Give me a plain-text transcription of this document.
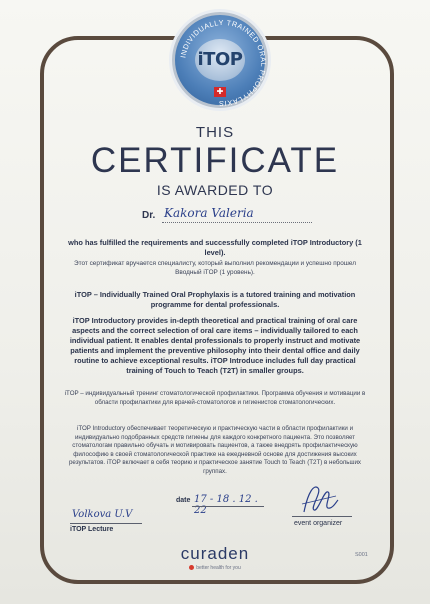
INDIVIDUALLY TRAINED ORAL PROPHYLAXIS
iTOP
✚
THIS
CERTIFICATE
IS AWARDED TO
Dr. Kakora Valeria
who has fulfilled the requirements and successfully completed iTOP Introductory (1 level).
Этот сертификат вручается специалисту, который выполнил рекомендации и успешно прошел Вводный iTOP (1 уровень).
iTOP – Individually Trained Oral Prophylaxis is a tutored training and motivation programme for dental professionals.
iTOP Introductory provides in-depth theoretical and practical training of oral care aspects and the correct selection of oral care items – individually tailored to each individual patient. It enables dental professionals to properly instruct and motivate patients and implement the preventive philosophy into their dental office and daily routine to achieve exceptional results. iTOP Introduce includes full day practical training of Touch to Teach (T2T) in smaller groups.
iTOP – индивидуальный тренинг стоматологической профилактики. Программа обучения и мотивации в области профилактики для врачей-стоматологов и гигиенистов стоматологических.
iTOP Introductory обеспечивает теоретическую и практическую части в области профилактики и индивидуально подобранных средств гигиены для каждого конкретного пациента. Это позволяет стоматологам правильно обучать и мотивировать пациентов, а также внедрять профилактическую философию в своей стоматологической практике на ежедневной основе для достижения высоких результатов. iTOP включает в себя теорию и практическое занятие Touch to Teach (T2T) в небольших группах.
date 17 - 18 . 12 . 22
Volkova U.V
iTOP Lecture
event organizer
curaden
better health for you
S001
